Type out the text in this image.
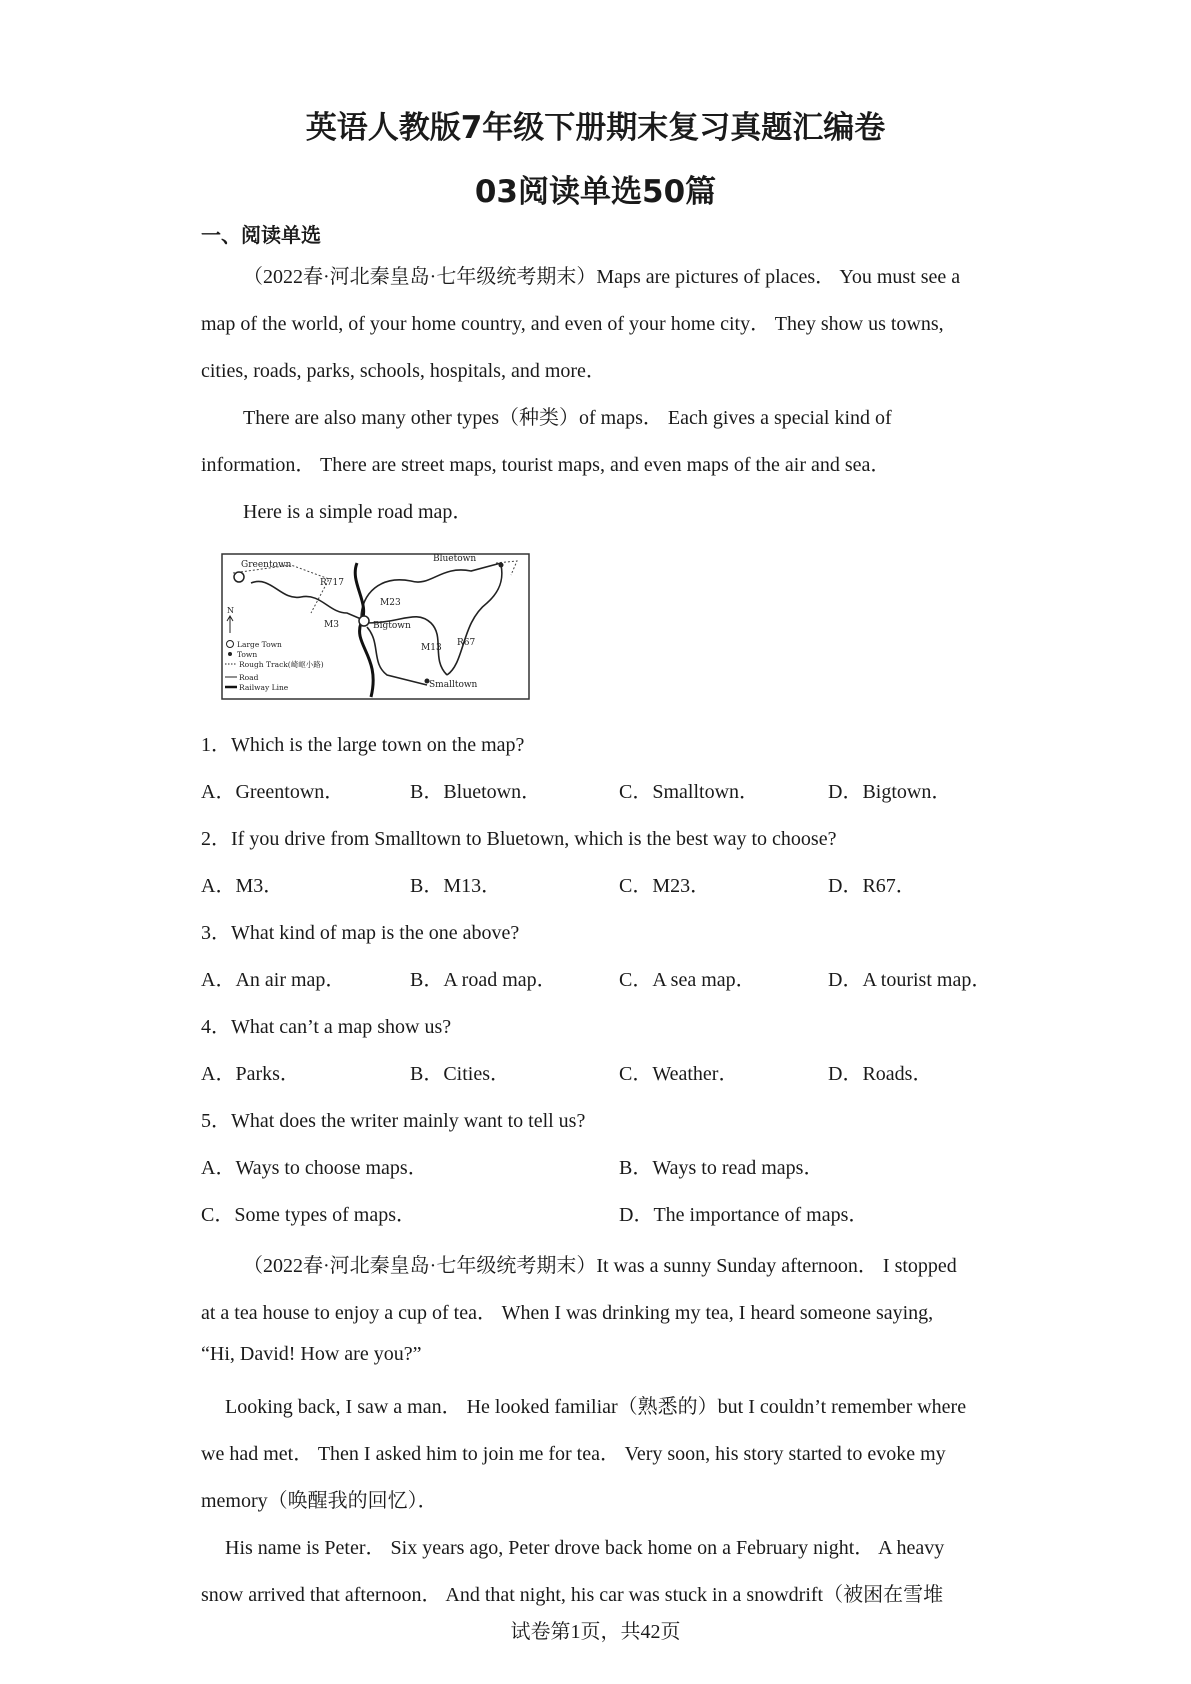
英语人教版7年级下册期末复习真题汇编卷
03阅读单选50篇
一、阅读单选
（2022春·河北秦皇岛·七年级统考期末）Maps are pictures of places． You must see a
map of the world, of your home country, and even of your home city． They show us towns,
cities, roads, parks, schools, hospitals, and more．
There are also many other types（种类）of maps． Each gives a special kind of
information． There are street maps, tourist maps, and even maps of the air and sea．
Here is a simple road map．
Greentown
Bluetown
Bigtown
Smalltown
R717
M23
M3
M13 R67
N
Large Town
Town
Rough Track(崎岖小路)
Road
Railway Line
1．Which is the large town on the map?
A．Greentown．	B．Bluetown．	C．Smalltown．	D．Bigtown．
2．If you drive from Smalltown to Bluetown, which is the best way to choose?
A．M3．	B．M13．	C．M23．	D．R67．
3．What kind of map is the one above?
A．An air map．	B．A road map．	C．A sea map．	D．A tourist map．
4．What can’t a map show us?
A．Parks．	B．Cities．	C．Weather．	D．Roads．
5．What does the writer mainly want to tell us?
A．Ways to choose maps．	B．Ways to read maps．
C．Some types of maps．	D．The importance of maps．
（2022春·河北秦皇岛·七年级统考期末）It was a sunny Sunday afternoon． I stopped
at a tea house to enjoy a cup of tea． When I was drinking my tea, I heard someone saying,
“Hi, David! How are you?”
Looking back, I saw a man． He looked familiar（熟悉的）but I couldn’t remember where
we had met． Then I asked him to join me for tea． Very soon, his story started to evoke my
memory（唤醒我的回忆）．
His name is Peter． Six years ago, Peter drove back home on a February night． A heavy
snow arrived that afternoon． And that night, his car was stuck in a snowdrift（被困在雪堆
试卷第1页，共42页
